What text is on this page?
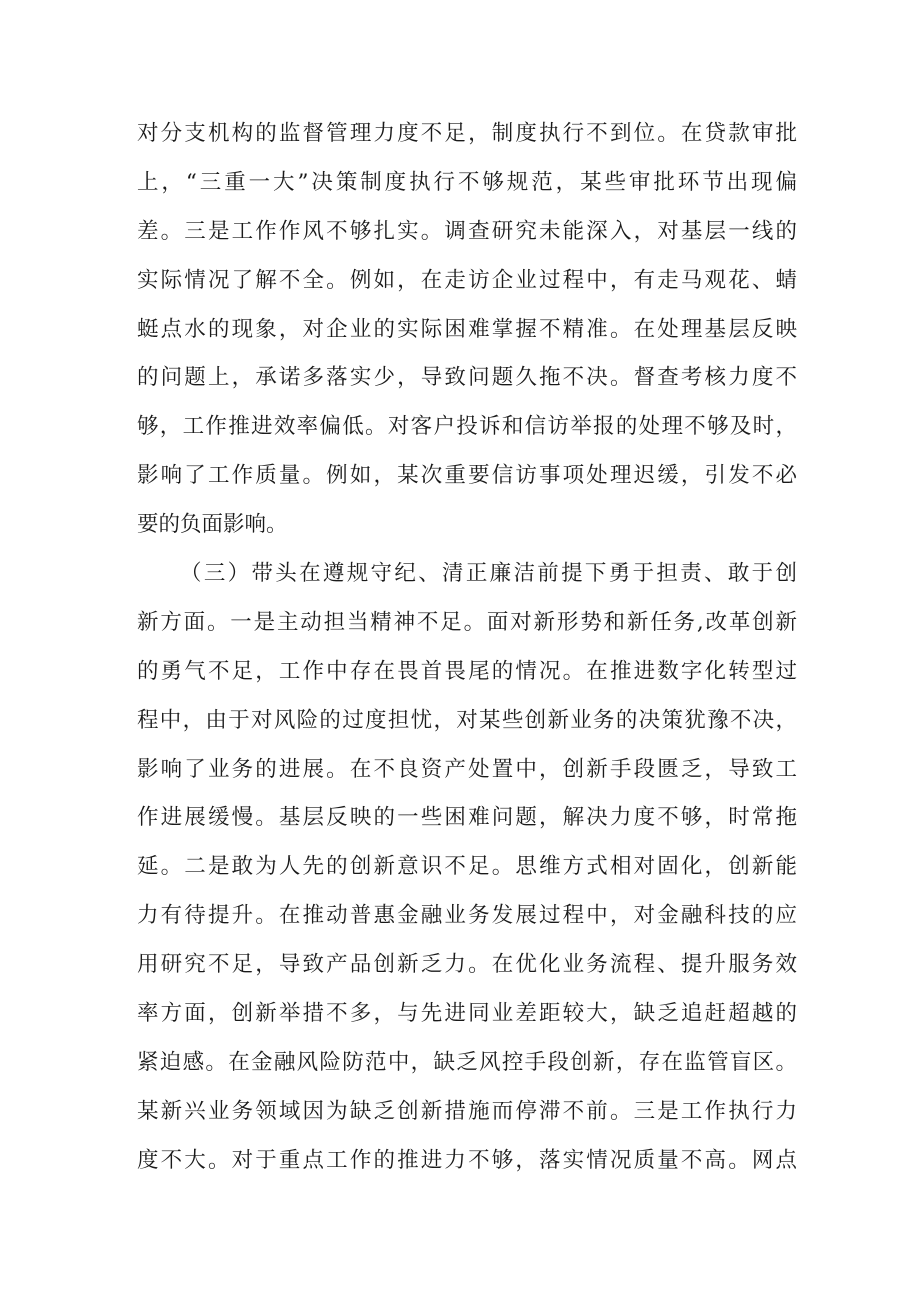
对分支机构的监督管理力度不足，制度执行不到位。在贷款审批
上，“三重一大”决策制度执行不够规范，某些审批环节出现偏
差。三是工作作风不够扎实。调查研究未能深入，对基层一线的
实际情况了解不全。例如，在走访企业过程中，有走马观花、蜻
蜓点水的现象，对企业的实际困难掌握不精准。在处理基层反映
的问题上，承诺多落实少，导致问题久拖不决。督查考核力度不
够，工作推进效率偏低。对客户投诉和信访举报的处理不够及时，
影响了工作质量。例如，某次重要信访事项处理迟缓，引发不必
要的负面影响。
（三）带头在遵规守纪、清正廉洁前提下勇于担责、敢于创
新方面。一是主动担当精神不足。面对新形势和新任务,改革创新
的勇气不足，工作中存在畏首畏尾的情况。在推进数字化转型过
程中，由于对风险的过度担忧，对某些创新业务的决策犹豫不决，
影响了业务的进展。在不良资产处置中，创新手段匮乏，导致工
作进展缓慢。基层反映的一些困难问题，解决力度不够，时常拖
延。二是敢为人先的创新意识不足。思维方式相对固化，创新能
力有待提升。在推动普惠金融业务发展过程中，对金融科技的应
用研究不足，导致产品创新乏力。在优化业务流程、提升服务效
率方面，创新举措不多，与先进同业差距较大，缺乏追赶超越的
紧迫感。在金融风险防范中，缺乏风控手段创新，存在监管盲区。
某新兴业务领域因为缺乏创新措施而停滞不前。三是工作执行力
度不大。对于重点工作的推进力不够，落实情况质量不高。网点
